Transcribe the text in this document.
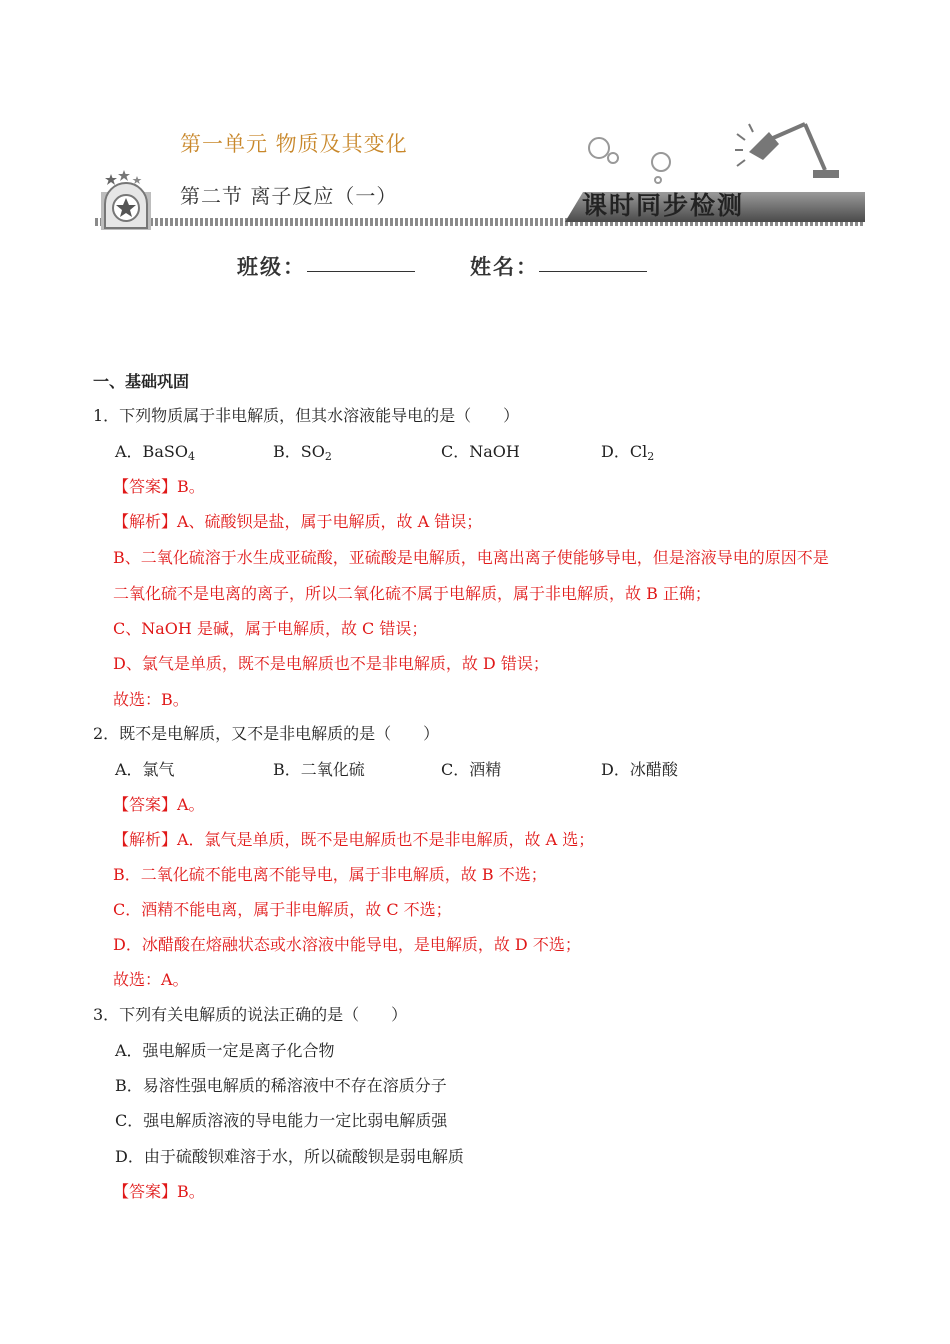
第一单元 物质及其变化
第二节 离子反应（一）	课时同步检测
班级：	姓名：
一、基础巩固
1．下列物质属于非电解质，但其水溶液能导电的是（　　）
A．BaSO$_4$	B．$SO_2$	C．NaOH	D．$Cl_2$
【答案】B。
【解析】A、硫酸钡是盐，属于电解质，故 A 错误；
B、二氧化硫溶于水生成亚硫酸，亚硫酸是电解质，电离出离子使能够导电，但是溶液导电的原因不是
二氧化硫不是电离的离子，所以二氧化硫不属于电解质，属于非电解质，故 B 正确；
C、NaOH 是碱，属于电解质，故 C 错误；
D、氯气是单质，既不是电解质也不是非电解质，故 D 错误；
故选：B。
2．既不是电解质，又不是非电解质的是（　　）
A．氯气	B．二氧化硫	C．酒精	D．冰醋酸
【答案】A。
【解析】A．氯气是单质，既不是电解质也不是非电解质，故 A 选；
B．二氧化硫不能电离不能导电，属于非电解质，故 B 不选；
C．酒精不能电离，属于非电解质，故 C 不选；
D．冰醋酸在熔融状态或水溶液中能导电，是电解质，故 D 不选；
故选：A。
3．下列有关电解质的说法正确的是（　　）
A．强电解质一定是离子化合物
B．易溶性强电解质的稀溶液中不存在溶质分子
C．强电解质溶液的导电能力一定比弱电解质强
D．由于硫酸钡难溶于水，所以硫酸钡是弱电解质
【答案】B。
